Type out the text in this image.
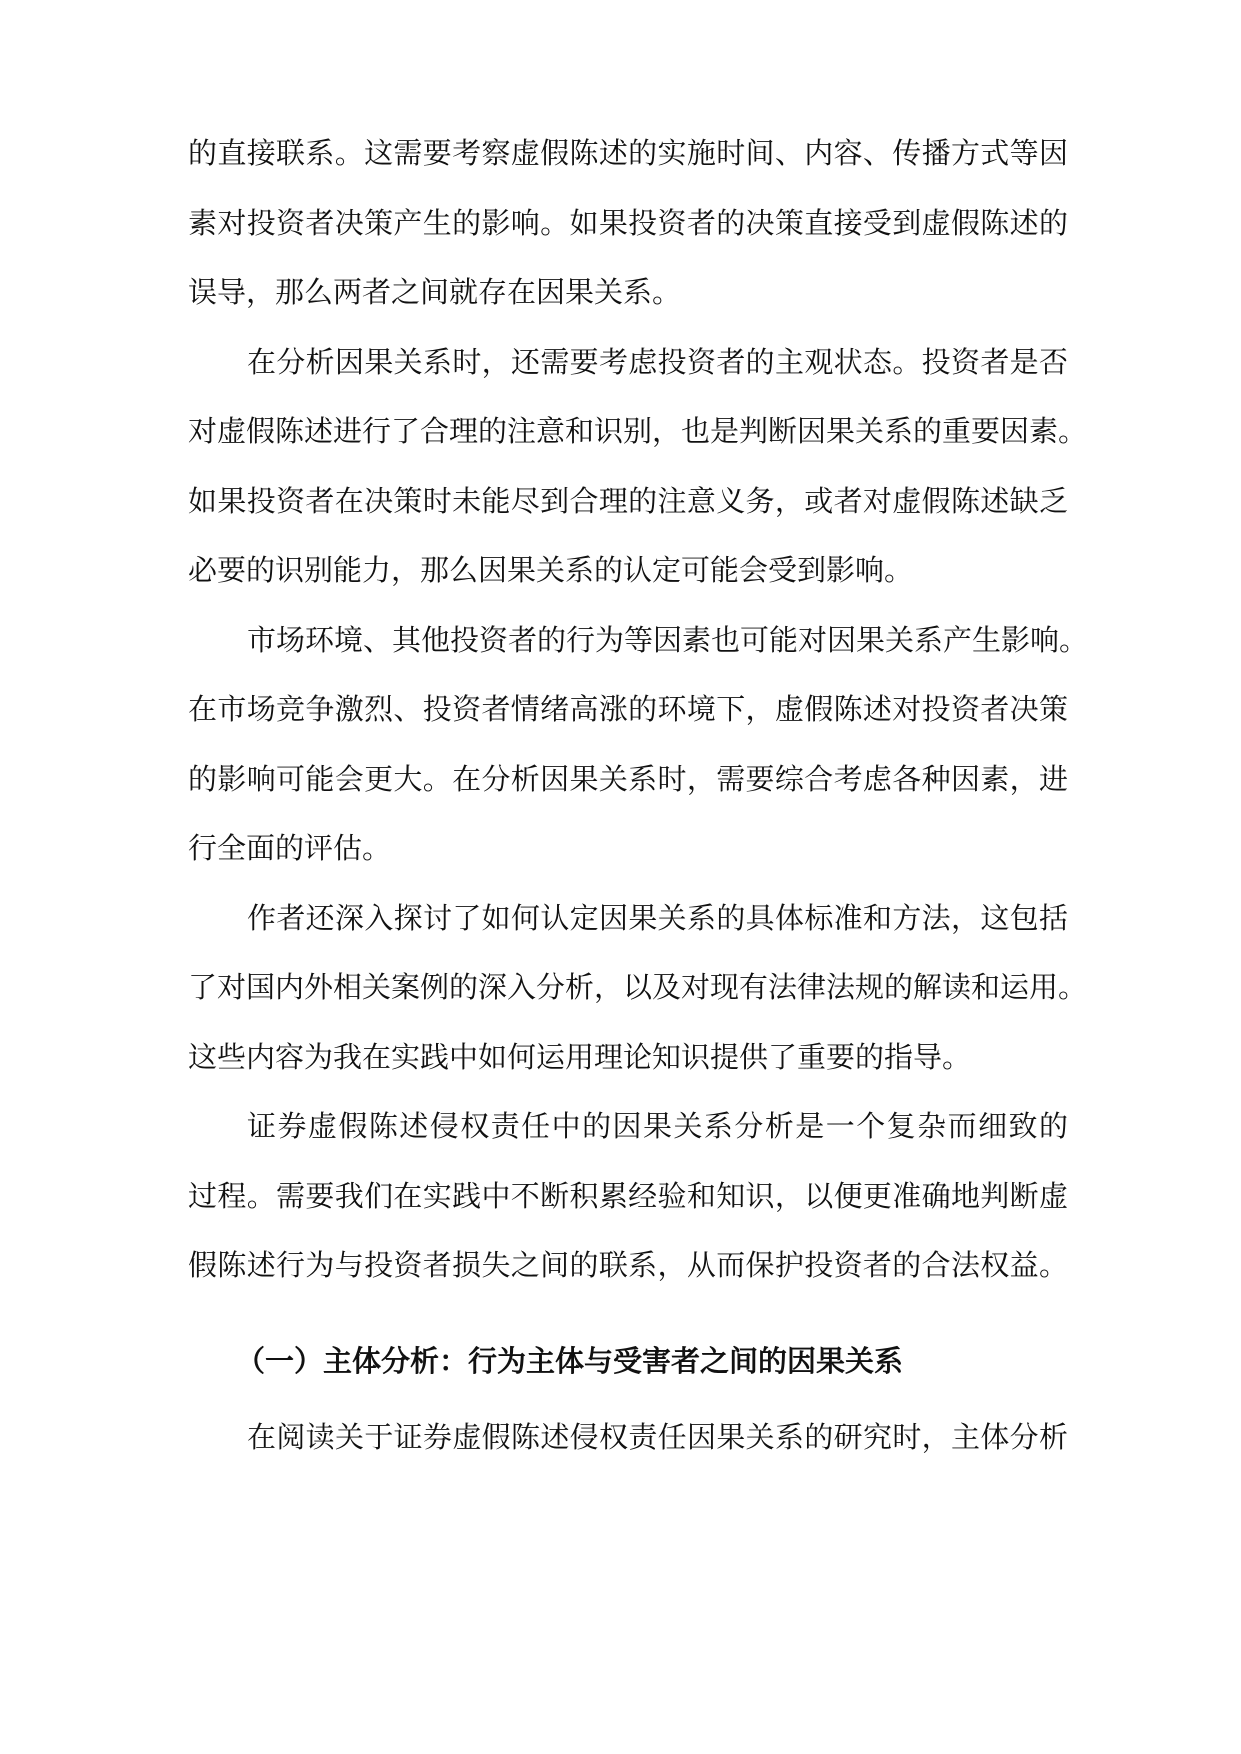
的直接联系。这需要考察虚假陈述的实施时间、内容、传播方式等因
素对投资者决策产生的影响。如果投资者的决策直接受到虚假陈述的
误导，那么两者之间就存在因果关系。
在分析因果关系时，还需要考虑投资者的主观状态。投资者是否
对虚假陈述进行了合理的注意和识别，也是判断因果关系的重要因素。
如果投资者在决策时未能尽到合理的注意义务，或者对虚假陈述缺乏
必要的识别能力，那么因果关系的认定可能会受到影响。
市场环境、其他投资者的行为等因素也可能对因果关系产生影响。
在市场竞争激烈、投资者情绪高涨的环境下，虚假陈述对投资者决策
的影响可能会更大。在分析因果关系时，需要综合考虑各种因素，进
行全面的评估。
作者还深入探讨了如何认定因果关系的具体标准和方法，这包括
了对国内外相关案例的深入分析，以及对现有法律法规的解读和运用。
这些内容为我在实践中如何运用理论知识提供了重要的指导。
证券虚假陈述侵权责任中的因果关系分析是一个复杂而细致的
过程。需要我们在实践中不断积累经验和知识，以便更准确地判断虚
假陈述行为与投资者损失之间的联系，从而保护投资者的合法权益。
（一）主体分析：行为主体与受害者之间的因果关系
在阅读关于证券虚假陈述侵权责任因果关系的研究时，主体分析
